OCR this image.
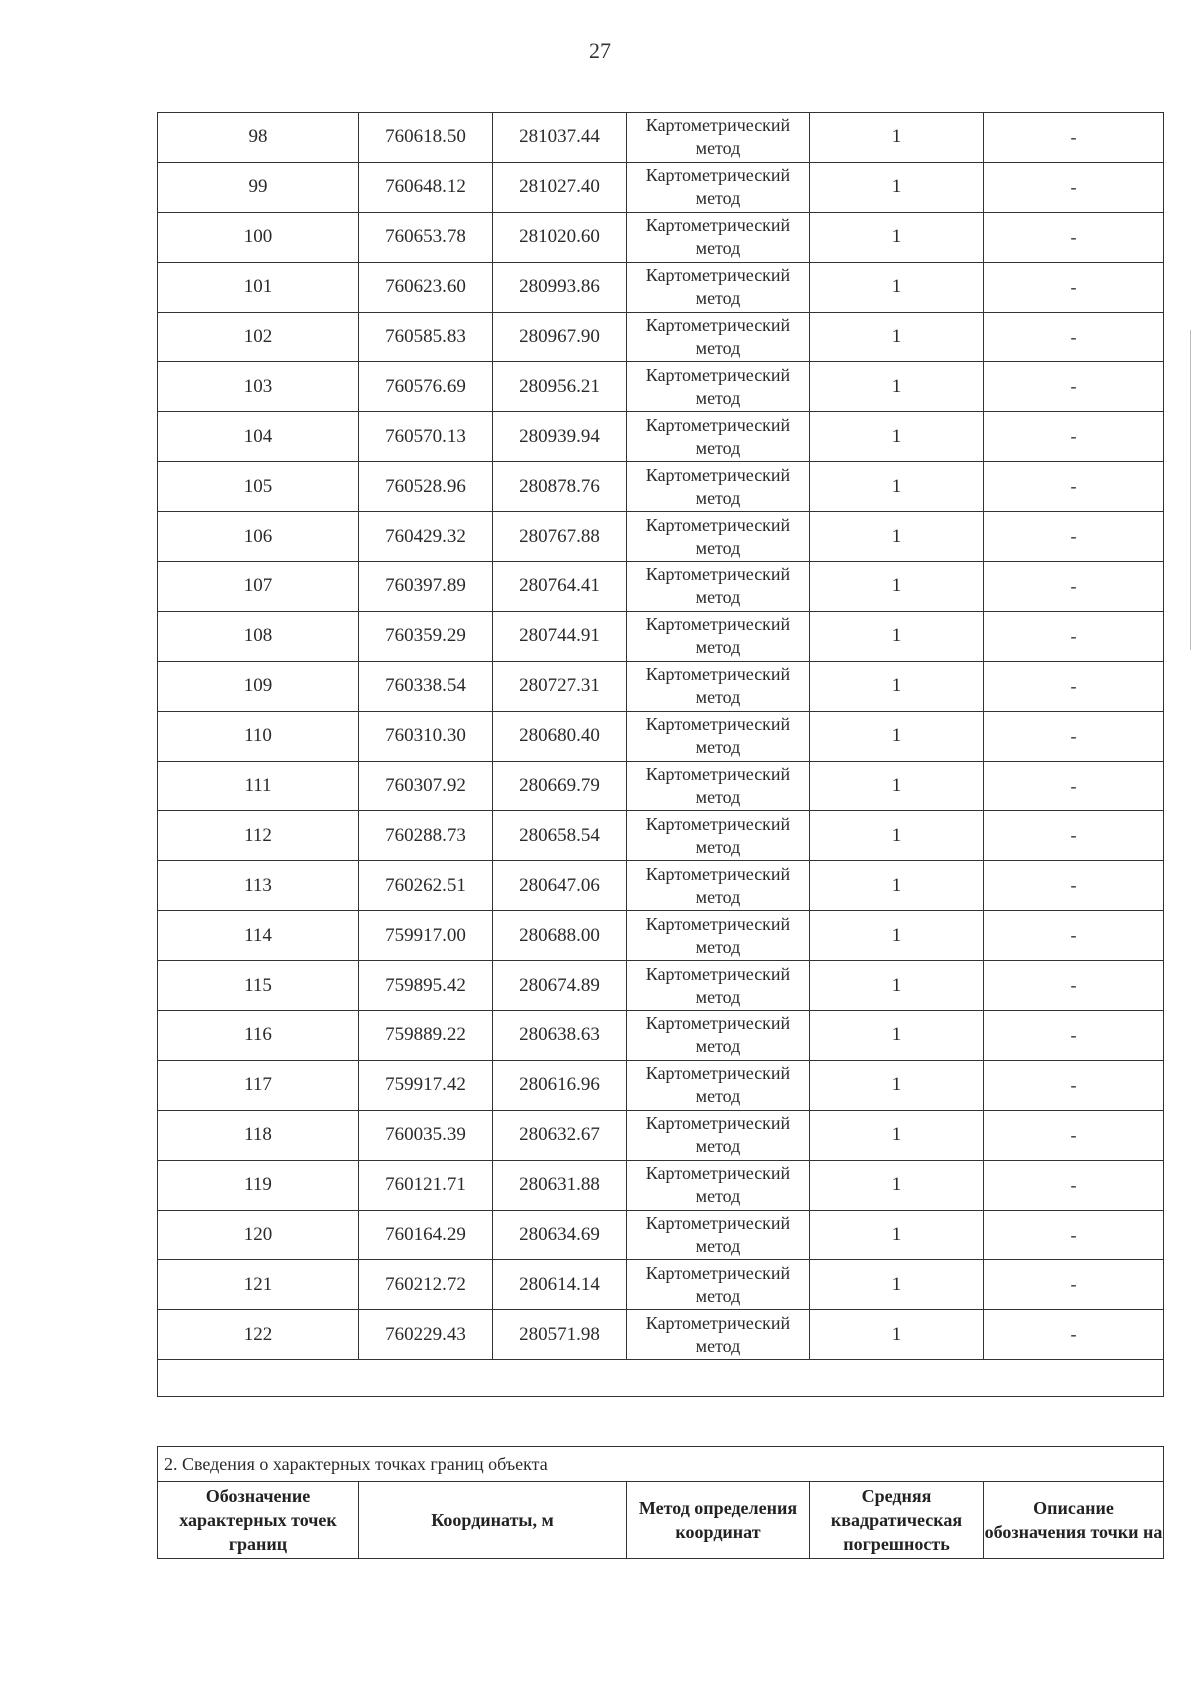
27
98	760618.50	281037.44	Картометрический метод	1	-
99	760648.12	281027.40	Картометрический метод	1	-
100	760653.78	281020.60	Картометрический метод	1	-
101	760623.60	280993.86	Картометрический метод	1	-
102	760585.83	280967.90	Картометрический метод	1	-
103	760576.69	280956.21	Картометрический метод	1	-
104	760570.13	280939.94	Картометрический метод	1	-
105	760528.96	280878.76	Картометрический метод	1	-
106	760429.32	280767.88	Картометрический метод	1	-
107	760397.89	280764.41	Картометрический метод	1	-
108	760359.29	280744.91	Картометрический метод	1	-
109	760338.54	280727.31	Картометрический метод	1	-
110	760310.30	280680.40	Картометрический метод	1	-
111	760307.92	280669.79	Картометрический метод	1	-
112	760288.73	280658.54	Картометрический метод	1	-
113	760262.51	280647.06	Картометрический метод	1	-
114	759917.00	280688.00	Картометрический метод	1	-
115	759895.42	280674.89	Картометрический метод	1	-
116	759889.22	280638.63	Картометрический метод	1	-
117	759917.42	280616.96	Картометрический метод	1	-
118	760035.39	280632.67	Картометрический метод	1	-
119	760121.71	280631.88	Картометрический метод	1	-
120	760164.29	280634.69	Картометрический метод	1	-
121	760212.72	280614.14	Картометрический метод	1	-
122	760229.43	280571.98	Картометрический метод	1	-

2. Сведения о характерных точках границ объекта
Обозначение характерных точек границ	Координаты, м	Метод определения координат	Средняя квадратическая погрешность	Описание обозначения точки на
